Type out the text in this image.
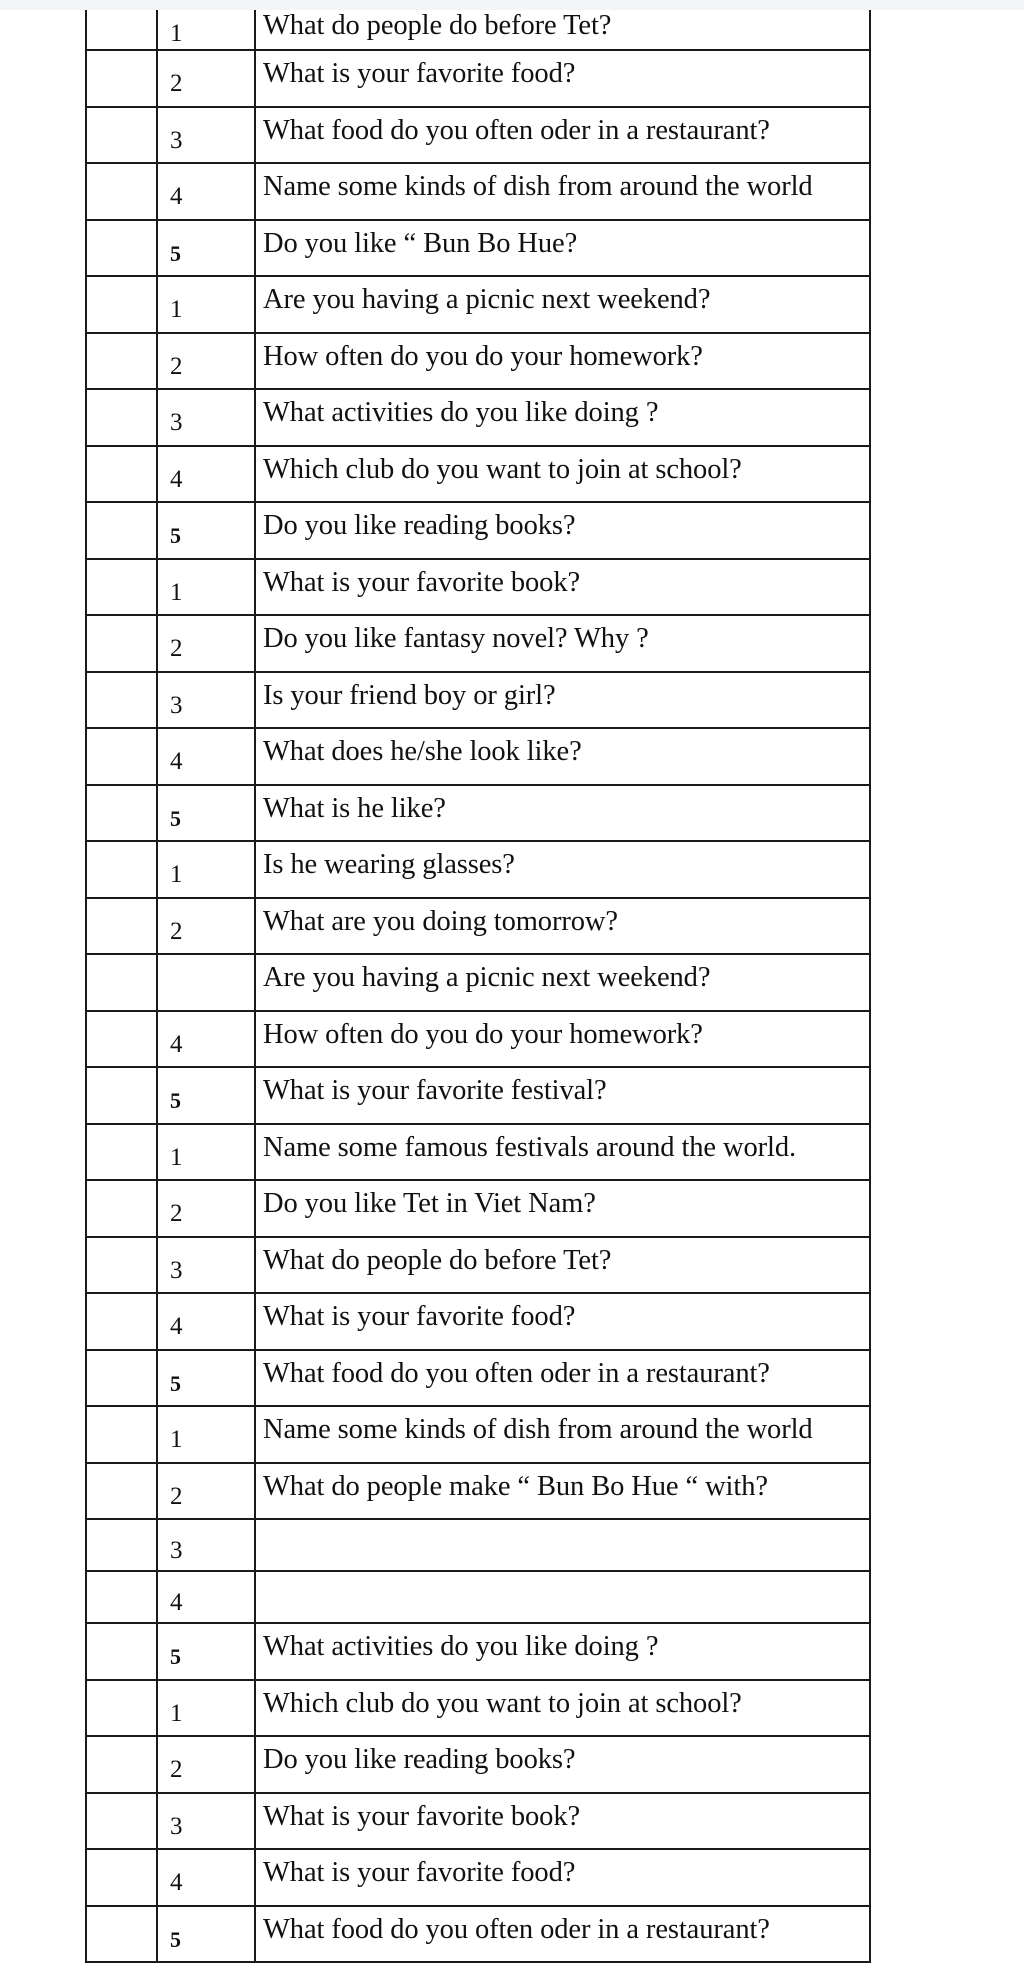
	1	What do people do before Tet?
	2	What is your favorite food?
	3	What food do you often oder in a restaurant?
	4	Name some kinds of dish from around the world
	5	Do you like “ Bun Bo Hue?
	1	Are you having a picnic next weekend?
	2	How often do you do your homework?
	3	What activities do you like doing ?
	4	Which club do you want to join at school?
	5	Do you like reading books?
	1	What is your favorite book?
	2	Do you like fantasy novel? Why ?
	3	Is your friend boy or girl?
	4	What does he/she look like?
	5	What is he like?
	1	Is he wearing glasses?
	2	What are you doing tomorrow?
		Are you having a picnic next weekend?
	4	How often do you do your homework?
	5	What is your favorite festival?
	1	Name some famous festivals around the world.
	2	Do you like Tet in Viet Nam?
	3	What do people do before Tet?
	4	What is your favorite food?
	5	What food do you often oder in a restaurant?
	1	Name some kinds of dish from around the world
	2	What do people make “ Bun Bo Hue “ with?
	3	
	4	
	5	What activities do you like doing ?
	1	Which club do you want to join at school?
	2	Do you like reading books?
	3	What is your favorite book?
	4	What is your favorite food?
	5	What food do you often oder in a restaurant?
